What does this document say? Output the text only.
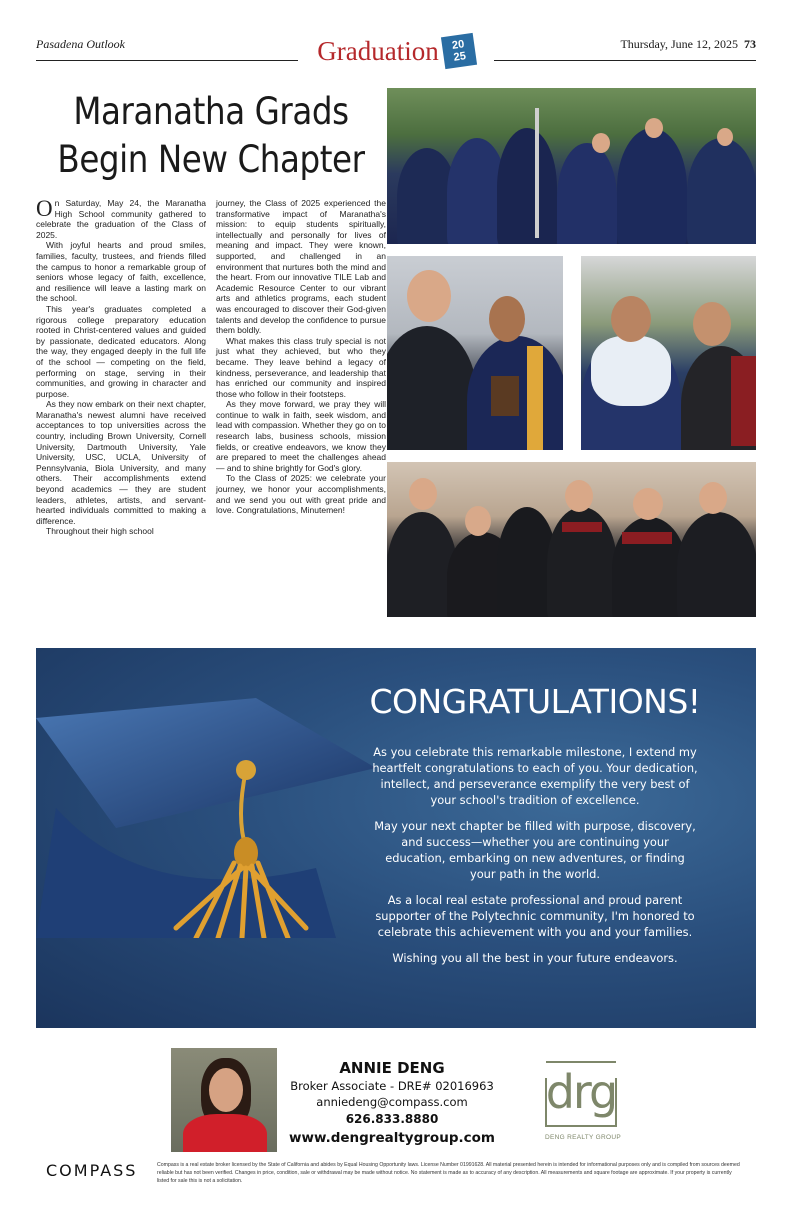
Pasadena Outlook	Graduation 20
25
Thursday, June 12, 2025 73
Maranatha Grads
Begin New Chapter

On Saturday, May 24, the Maranatha High School community gathered to celebrate the graduation of the Class of 2025.

With joyful hearts and proud smiles, families, faculty, trustees, and friends filled the campus to honor a remarkable group of seniors whose legacy of faith, excellence, and resilience will leave a lasting mark on the school.

This year's graduates completed a rigorous college preparatory education rooted in Christ-centered values and guided by passionate, dedicated educators. Along the way, they engaged deeply in the full life of the school — competing on the field, performing on stage, serving in their communities, and growing in character and purpose.

As they now embark on their next chapter, Maranatha's newest alumni have received acceptances to top universities across the country, including Brown University, Cornell University, Dartmouth University, Yale University, USC, UCLA, University of Pennsylvania, Biola University, and many others. Their accomplishments extend beyond academics — they are student leaders, athletes, artists, and servant-hearted individuals committed to making a difference.

Throughout their high school

journey, the Class of 2025 experienced the transformative impact of Maranatha's mission: to equip students spiritually, intellectually and personally for lives of meaning and impact. They were known, supported, and challenged in an environment that nurtures both the mind and the heart. From our innovative TILE Lab and Academic Resource Center to our vibrant arts and athletics programs, each student was encouraged to discover their God-given talents and develop the confidence to pursue them boldly.

What makes this class truly special is not just what they achieved, but who they became. They leave behind a legacy of kindness, perseverance, and leadership that has enriched our community and inspired those who follow in their footsteps.

As they move forward, we pray they will continue to walk in faith, seek wisdom, and lead with compassion. Whether they go on to research labs, business schools, mission fields, or creative endeavors, we know they are prepared to meet the challenges ahead — and to shine brightly for God's glory.

To the Class of 2025: we celebrate your journey, we honor your accomplishments, and we send you out with great pride and love. Congratulations, Minutemen!

CONGRATULATIONS!

As you celebrate this remarkable milestone, I extend my heartfelt congratulations to each of you. Your dedication, intellect, and perseverance exemplify the very best of your school's tradition of excellence.

May your next chapter be filled with purpose, discovery, and success—whether you are continuing your education, embarking on new adventures, or finding your path in the world.

As a local real estate professional and proud parent supporter of the Polytechnic community, I'm honored to celebrate this achievement with you and your families.

Wishing you all the best in your future endeavors.

ANNIE DENG
Broker Associate - DRE# 02016963
anniedeng@compass.com
626.833.8880
www.dengrealtygroup.com
drg
DENG REALTY GROUP
COMPASS	Compass is a real estate broker licensed by the State of California and abides by Equal Housing Opportunity laws. License Number 01991628. All material presented herein is intended for informational purposes only and is compiled from sources deemed reliable but has not been verified. Changes in price, condition, sale or withdrawal may be made without notice. No statement is made as to accuracy of any description. All measurements and square footage are approximate. If your property is currently listed for sale this is not a solicitation.
